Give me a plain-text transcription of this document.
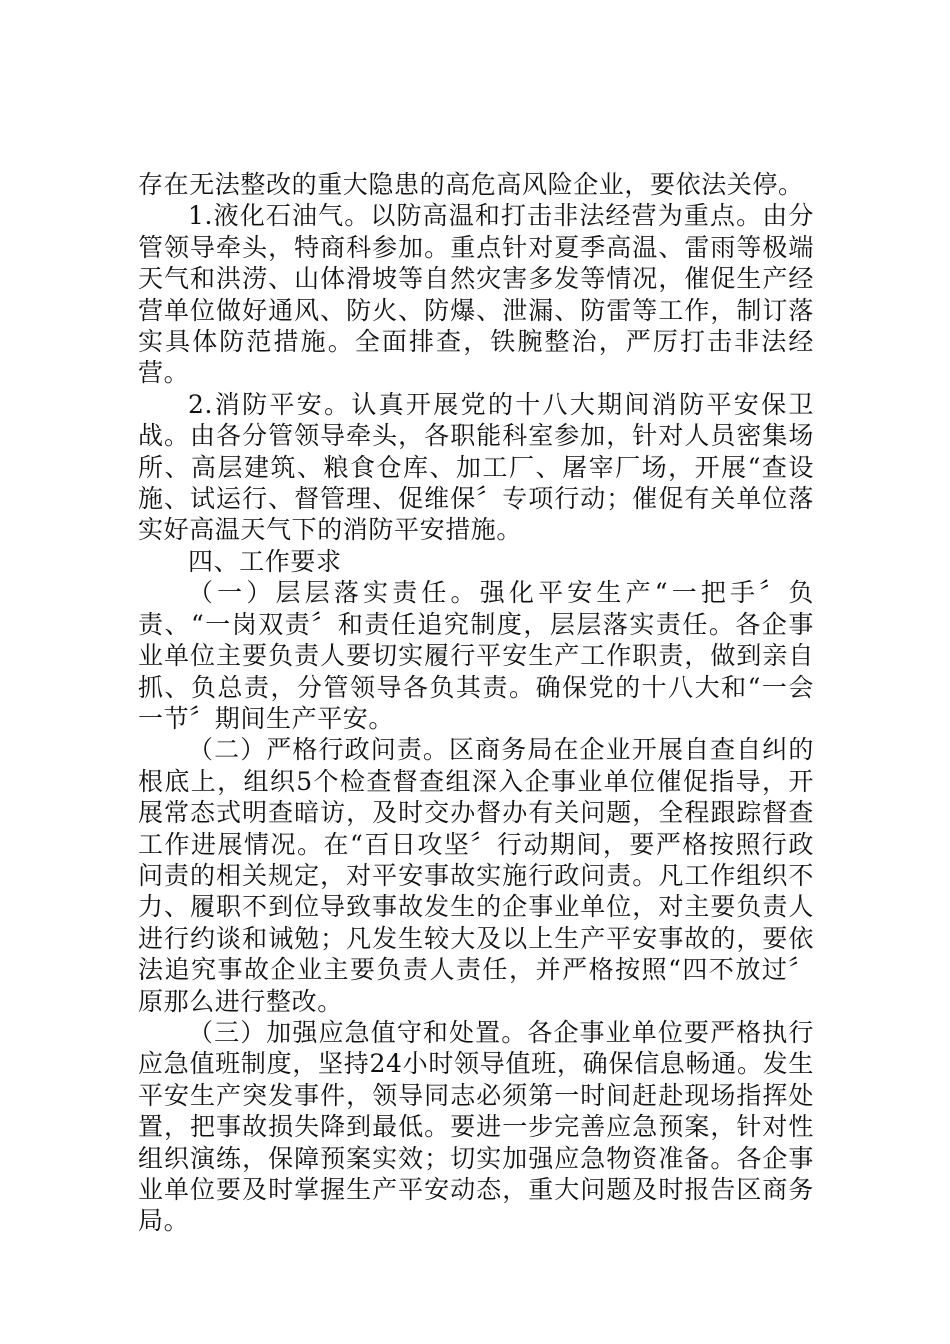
存在无法整改的重大隐患的高危高风险企业，要依法关停。

1.液化石油气。以防高温和打击非法经营为重点。由分管领导牵头，特商科参加。重点针对夏季高温、雷雨等极端天气和洪涝、山体滑坡等自然灾害多发等情况，催促生产经营单位做好通风、防火、防爆、泄漏、防雷等工作，制订落实具体防范措施。全面排查，铁腕整治，严厉打击非法经营。

2.消防平安。认真开展党的十八大期间消防平安保卫战。由各分管领导牵头，各职能科室参加，针对人员密集场所、高层建筑、粮食仓库、加工厂、屠宰厂场，开展“查设施、试运行、督管理、促维保〞专项行动；催促有关单位落实好高温天气下的消防平安措施。

四、工作要求

（一）层层落实责任。强化平安生产“一把手〞负责、“一岗双责〞和责任追究制度，层层落实责任。各企事业单位主要负责人要切实履行平安生产工作职责，做到亲自抓、负总责，分管领导各负其责。确保党的十八大和“一会一节〞期间生产平安。

（二）严格行政问责。区商务局在企业开展自查自纠的根底上，组织5个检查督查组深入企事业单位催促指导，开展常态式明查暗访，及时交办督办有关问题，全程跟踪督查工作进展情况。在“百日攻坚〞行动期间，要严格按照行政问责的相关规定，对平安事故实施行政问责。凡工作组织不力、履职不到位导致事故发生的企事业单位，对主要负责人进行约谈和诫勉；凡发生较大及以上生产平安事故的，要依法追究事故企业主要负责人责任，并严格按照“四不放过〞原那么进行整改。

（三）加强应急值守和处置。各企事业单位要严格执行应急值班制度，坚持24小时领导值班，确保信息畅通。发生平安生产突发事件，领导同志必须第一时间赶赴现场指挥处置，把事故损失降到最低。要进一步完善应急预案，针对性组织演练，保障预案实效；切实加强应急物资准备。各企事业单位要及时掌握生产平安动态，重大问题及时报告区商务局。
